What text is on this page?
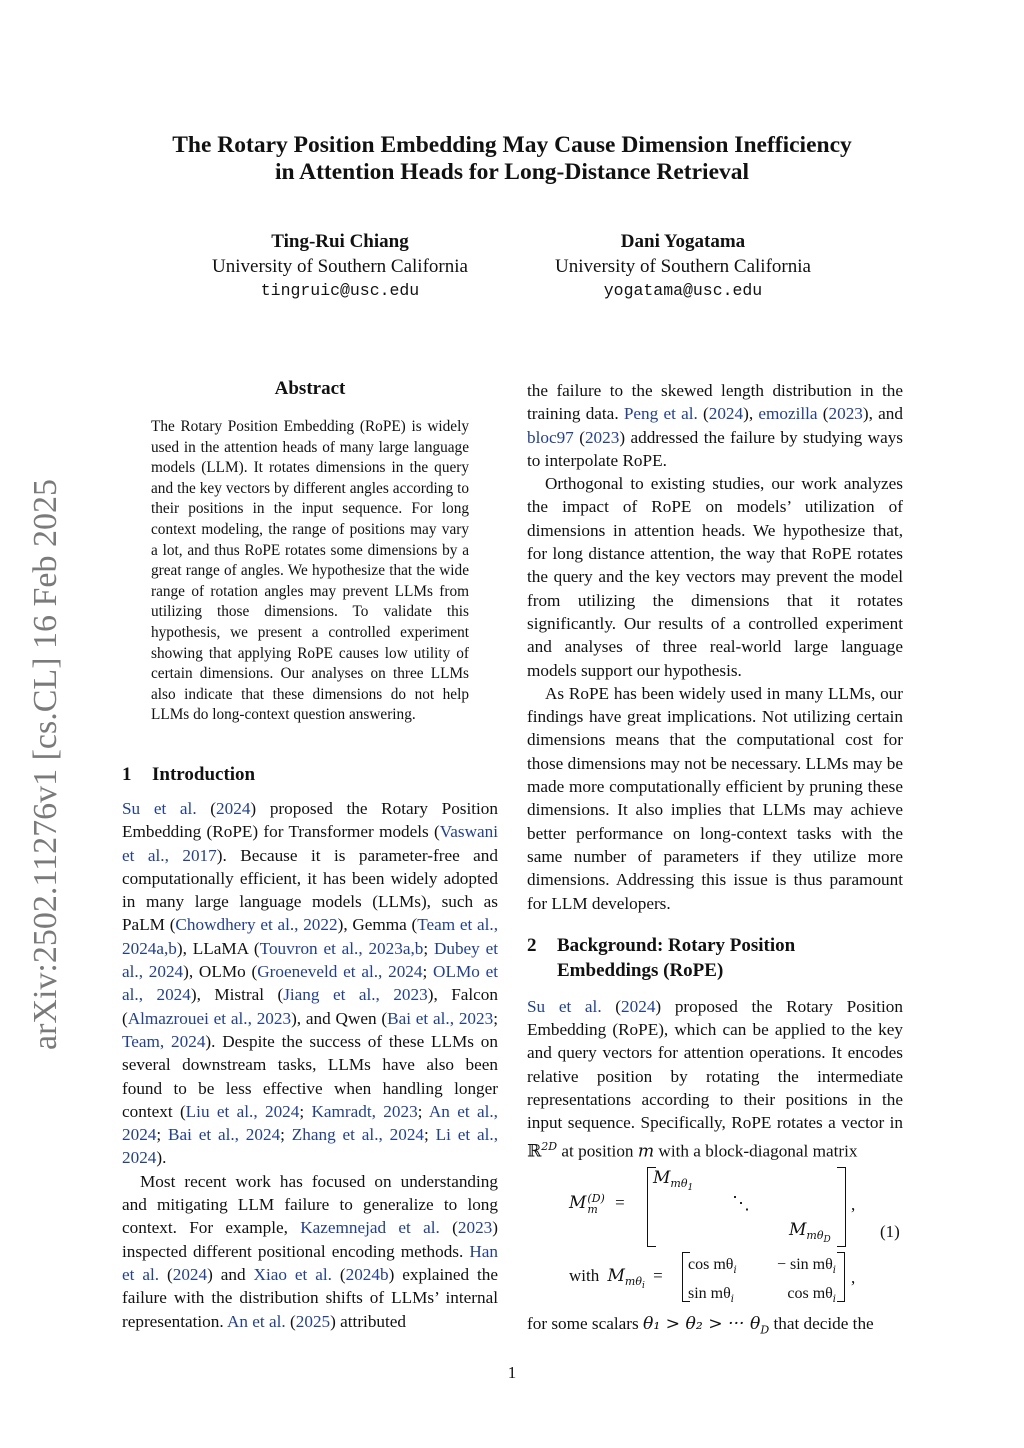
The Rotary Position Embedding May Cause Dimension Inefficiency
in Attention Heads for Long-Distance Retrieval
Ting-Rui Chiang
University of Southern California
tingruic@usc.edu
Dani Yogatama
University of Southern California
yogatama@usc.edu
arXiv:2502.11276v1 [cs.CL] 16 Feb 2025
Abstract
The Rotary Position Embedding (RoPE) is widely used in the attention heads of many large language models (LLM). It rotates dimensions in the query and the key vectors by different angles according to their positions in the input sequence. For long context modeling, the range of positions may vary a lot, and thus RoPE rotates some dimensions by a great range of angles. We hypothesize that the wide range of rotation angles may prevent LLMs from utilizing those dimensions. To validate this hypothesis, we present a controlled experiment showing that applying RoPE causes low utility of certain dimensions. Our analyses on three LLMs also indicate that these dimensions do not help LLMs do long-context question answering.
1 Introduction

Su et al. (2024) proposed the Rotary Position Embedding (RoPE) for Transformer models (Vaswani et al., 2017). Because it is parameter-free and computationally efficient, it has been widely adopted in many large language models (LLMs), such as PaLM (Chowdhery et al., 2022), Gemma (Team et al., 2024a,b), LLaMA (Touvron et al., 2023a,b; Dubey et al., 2024), OLMo (Groeneveld et al., 2024; OLMo et al., 2024), Mistral (Jiang et al., 2023), Falcon (Almazrouei et al., 2023), and Qwen (Bai et al., 2023; Team, 2024). Despite the success of these LLMs on several downstream tasks, LLMs have also been found to be less effective when handling longer context (Liu et al., 2024; Kamradt, 2023; An et al., 2024; Bai et al., 2024; Zhang et al., 2024; Li et al., 2024).

Most recent work has focused on understanding and mitigating LLM failure to generalize to long context. For example, Kazemnejad et al. (2023) inspected different positional encoding methods. Han et al. (2024) and Xiao et al. (2024b) explained the failure with the distribution shifts of LLMs’ internal representation. An et al. (2025) attributed

the failure to the skewed length distribution in the training data. Peng et al. (2024), emozilla (2023), and bloc97 (2023) addressed the failure by studying ways to interpolate RoPE.

Orthogonal to existing studies, our work analyzes the impact of RoPE on models’ utilization of dimensions in attention heads. We hypothesize that, for long distance attention, the way that RoPE rotates the query and the key vectors may prevent the model from utilizing the dimensions that it rotates significantly. Our results of a controlled experiment and analyses of three real-world large language models support our hypothesis.

As RoPE has been widely used in many LLMs, our findings have great implications. Not utilizing certain dimensions means that the computational cost for those dimensions may not be necessary. LLMs may be made more computationally efficient by pruning these dimensions. It also implies that LLMs may achieve better performance on long-context tasks with the same number of parameters if they utilize more dimensions. Addressing this issue is thus paramount for LLM developers.

2	Background: Rotary Position
Embeddings (RoPE)

Su et al. (2024) proposed the Rotary Position Embedding (RoPE), which can be applied to the key and query vectors for attention operations. It encodes relative position by rotating the intermediate representations according to their positions in the input sequence. Specifically, RoPE rotates a vector in ℝ$^{2D}$ at position m with a block-diagonal matrix

M (D)
m	=
$M_{m\theta_1}$
⋱
$M_{m\theta_D}$
,
(1)
with $M_{m\theta_i}$ =
$\cos m\theta_i$
$\sin m\theta_i$
− $\sin m\theta_i$
$\cos m\theta_i$
,
for some scalars θ₁ > θ₂ > ··· $\theta_D$ that decide the
1
